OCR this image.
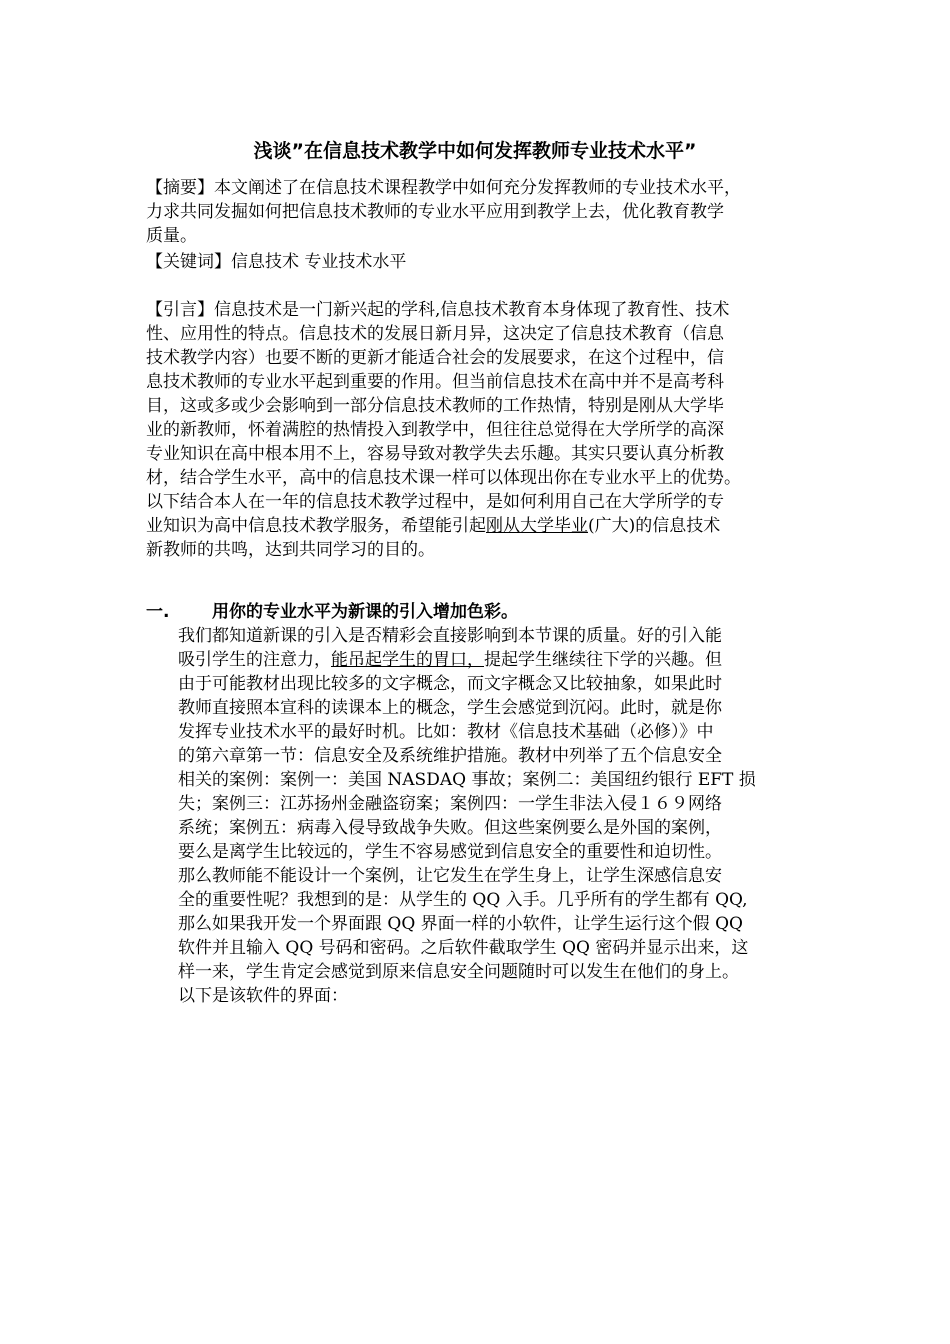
浅谈”在信息技术教学中如何发挥教师专业技术水平”

【摘要】本文阐述了在信息技术课程教学中如何充分发挥教师的专业技术水平，

力求共同发掘如何把信息技术教师的专业水平应用到教学上去，优化教育教学

质量。

【关键词】信息技术 专业技术水平

【引言】信息技术是一门新兴起的学科,信息技术教育本身体现了教育性、技术

性、应用性的特点。信息技术的发展日新月异，这决定了信息技术教育（信息

技术教学内容）也要不断的更新才能适合社会的发展要求，在这个过程中，信

息技术教师的专业水平起到重要的作用。但当前信息技术在高中并不是高考科

目，这或多或少会影响到一部分信息技术教师的工作热情，特别是刚从大学毕

业的新教师，怀着满腔的热情投入到教学中，但往往总觉得在大学所学的高深

专业知识在高中根本用不上，容易导致对教学失去乐趣。其实只要认真分析教

材，结合学生水平，高中的信息技术课一样可以体现出你在专业水平上的优势。

以下结合本人在一年的信息技术教学过程中，是如何利用自己在大学所学的专

业知识为高中信息技术教学服务，希望能引起刚从大学毕业(广大)的信息技术

新教师的共鸣，达到共同学习的目的。

一.	用你的专业水平为新课的引入增加色彩。

我们都知道新课的引入是否精彩会直接影响到本节课的质量。好的引入能

吸引学生的注意力，能吊起学生的胃口，提起学生继续往下学的兴趣。但

由于可能教材出现比较多的文字概念，而文字概念又比较抽象，如果此时

教师直接照本宣科的读课本上的概念，学生会感觉到沉闷。此时，就是你

发挥专业技术水平的最好时机。比如：教材《信息技术基础（必修）》中

的第六章第一节：信息安全及系统维护措施。教材中列举了五个信息安全

相关的案例：案例一：美国 NASDAQ 事故；案例二：美国纽约银行 EFT 损

失；案例三：江苏扬州金融盗窃案；案例四：一学生非法入侵１６９网络

系统；案例五：病毒入侵导致战争失败。但这些案例要么是外国的案例，

要么是离学生比较远的，学生不容易感觉到信息安全的重要性和迫切性。

那么教师能不能设计一个案例，让它发生在学生身上，让学生深感信息安

全的重要性呢？我想到的是：从学生的 QQ 入手。几乎所有的学生都有 QQ,

那么如果我开发一个界面跟 QQ 界面一样的小软件，让学生运行这个假 QQ

软件并且输入 QQ 号码和密码。之后软件截取学生 QQ 密码并显示出来，这

样一来，学生肯定会感觉到原来信息安全问题随时可以发生在他们的身上。

以下是该软件的界面：
